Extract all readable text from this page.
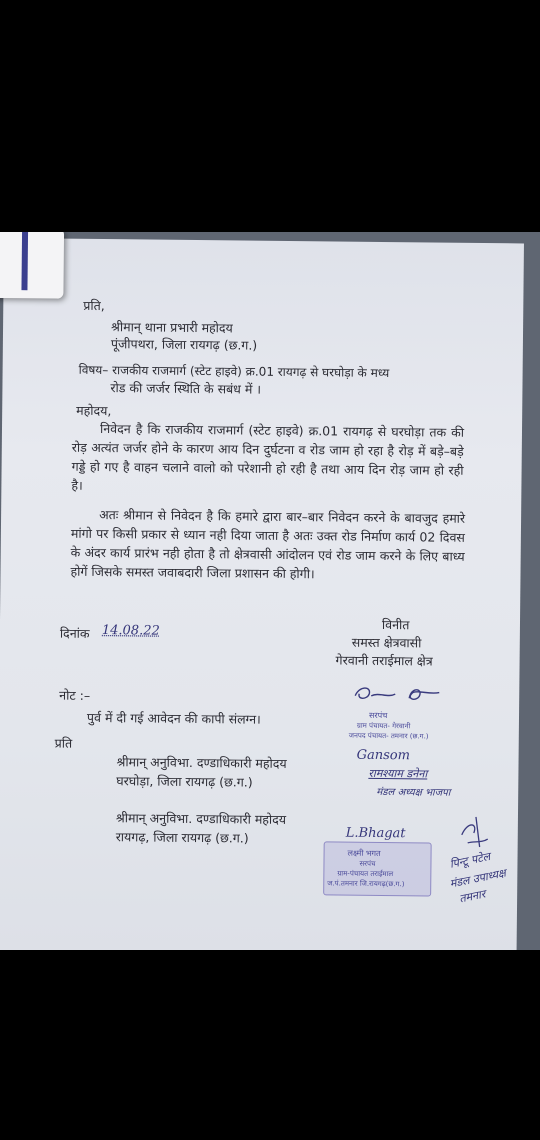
प्रति,
श्रीमान् थाना प्रभारी महोदय
पूंजीपथरा, जिला रायगढ़ (छ.ग.)
विषय– राजकीय राजमार्ग (स्टेट हाइवे) क्र.01 रायगढ़ से घरघोड़ा के मध्य
रोड की जर्जर स्थिति के सबंध में ।
महोदय,
निवेदन है कि राजकीय राजमार्ग (स्टेट हाइवे) क्र.01 रायगढ़ से घरघोड़ा तक की रोड़ अत्यंत जर्जर होने के कारण आय दिन दुर्घटना व रोड जाम हो रहा है रोड़ में बड़े–बड़े गड्डे हो गए है वाहन चलाने वालो को परेशानी हो रही है तथा आय दिन रोड़ जाम हो रही है।
अतः श्रीमान से निवेदन है कि हमारे द्वारा बार–बार निवेदन करने के बावजुद हमारे मांगो पर किसी प्रकार से ध्यान नही दिया जाता है अतः उक्त रोड निर्माण कार्य 02 दिवस के अंदर कार्य प्रारंभ नही होता है तो क्षेत्रवासी आंदोलन एवं रोड जाम करने के लिए बाध्य होगें जिसके समस्त जवाबदारी जिला प्रशासन की होगी।
दिनांक 14.08.22	विनीत
समस्त क्षेत्रवासी
गेरवानी तराईमाल क्षेत्र
नोट :–
पुर्व में दी गई आवेदन की कापी संलग्न।
प्रति
श्रीमान् अनुविभा. दण्डाधिकारी महोदय
घरघोड़ा, जिला रायगढ़ (छ.ग.)
श्रीमान् अनुविभा. दण्डाधिकारी महोदय
रायगढ़, जिला रायगढ़ (छ.ग.)
सरपंच
ग्राम पंचायत- गेरवानी
जनपद पंचायत- तमनार (छ.ग.)
Gansom
रामश्याम डनेना
मंडल अध्यक्ष भाजपा
L.Bhagat
लक्ष्मी भगत
सरपंच
ग्राम-पंचायत तराईमाल
ज.पं.तमनार जि.रायगढ़(छ.ग.)
पिन्टू पटेल
मंडल उपाध्यक्ष
तमनार
